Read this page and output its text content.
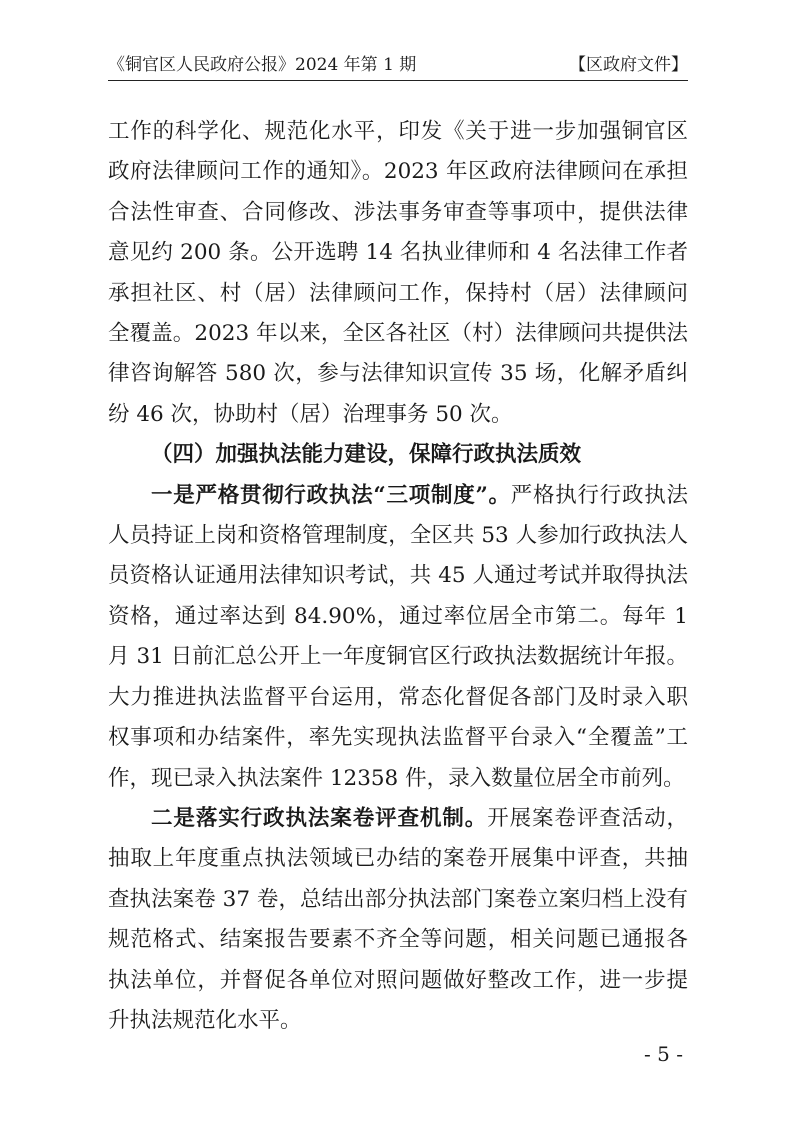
《铜官区人民政府公报》2024 年第 1 期	【区政府文件】

工作的科学化、规范化水平，印发《关于进一步加强铜官区政府法律顾问工作的通知》。2023 年区政府法律顾问在承担合法性审查、合同修改、涉法事务审查等事项中，提供法律意见约 200 条。公开选聘 14 名执业律师和 4 名法律工作者承担社区、村（居）法律顾问工作，保持村（居）法律顾问全覆盖。2023 年以来，全区各社区（村）法律顾问共提供法律咨询解答 580 次，参与法律知识宣传 35 场，化解矛盾纠纷 46 次，协助村（居）治理事务 50 次。

（四）加强执法能力建设，保障行政执法质效

一是严格贯彻行政执法“三项制度”。严格执行行政执法人员持证上岗和资格管理制度，全区共 53 人参加行政执法人员资格认证通用法律知识考试，共 45 人通过考试并取得执法资格，通过率达到 84.90%，通过率位居全市第二。每年 1 月 31 日前汇总公开上一年度铜官区行政执法数据统计年报。大力推进执法监督平台运用，常态化督促各部门及时录入职权事项和办结案件，率先实现执法监督平台录入“全覆盖”工作，现已录入执法案件 12358 件，录入数量位居全市前列。

二是落实行政执法案卷评查机制。开展案卷评查活动，抽取上年度重点执法领域已办结的案卷开展集中评查，共抽查执法案卷 37 卷，总结出部分执法部门案卷立案归档上没有规范格式、结案报告要素不齐全等问题，相关问题已通报各执法单位，并督促各单位对照问题做好整改工作，进一步提升执法规范化水平。

- 5 -
